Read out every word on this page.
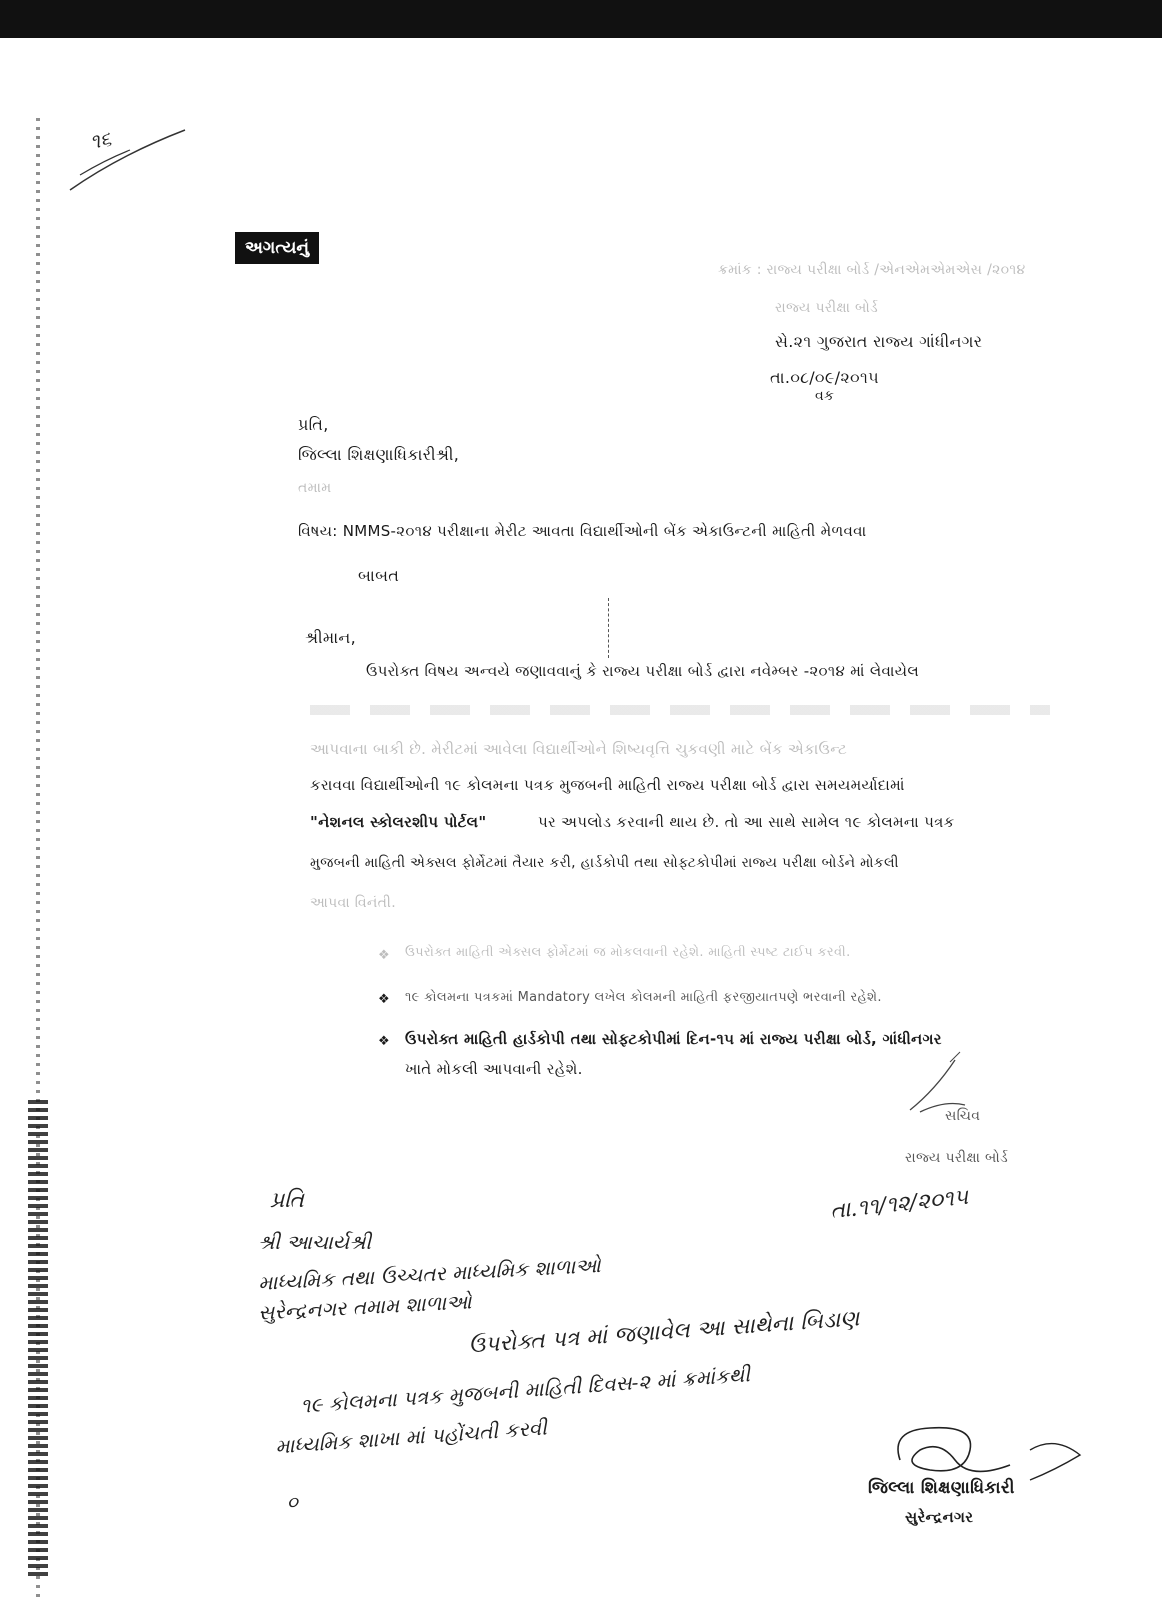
૧૬
અગત્યનું
ક્રમાંક : રાજ્ય પરીક્ષા બોર્ડ /એનએમએમએસ /૨૦૧૪
રાજ્ય પરીક્ષા બોર્ડ
સે.૨૧ ગુજરાત રાજ્ય ગાંધીનગર
તા.૦૮/૦૯/૨૦૧૫
વક
પ્રતિ,
જિલ્લા શિક્ષણાધિકારીશ્રી,
તમામ
વિષય: NMMS-૨૦૧૪ પરીક્ષાના મેરીટ આવતા વિદ્યાર્થીઓની બેંક એકાઉન્ટની માહિતી મેળવવા
બાબત
શ્રીમાન,
ઉપરોક્ત વિષય અન્વયે જણાવવાનું કે રાજ્ય પરીક્ષા બોર્ડ દ્વારા નવેમ્બર -૨૦૧૪ માં લેવાયેલ
આપવાના બાકી છે. મેરીટમાં આવેલા વિદ્યાર્થીઓને શિષ્યવૃત્તિ ચુકવણી માટે બેંક એકાઉન્ટ
કરાવવા વિદ્યાર્થીઓની ૧૯ કોલમના પત્રક મુજબની માહિતી રાજ્ય પરીક્ષા બોર્ડ દ્વારા સમયમર્યાદામાં
"નેશનલ સ્કોલરશીપ પોર્ટલ"	પર અપલોડ કરવાની થાય છે. તો આ સાથે સામેલ ૧૯ કોલમના પત્રક
મુજબની માહિતી એક્સલ ફોર્મેટમાં તૈયાર કરી, હાર્ડકોપી તથા સોફ્ટકોપીમાં રાજ્ય પરીક્ષા બોર્ડને મોકલી
આપવા વિનંતી.
❖ ઉપરોક્ત માહિતી એક્સલ ફોર્મેટમાં જ મોકલવાની રહેશે. માહિતી સ્પષ્ટ ટાઈપ કરવી.
❖ ૧૯ કોલમના પત્રકમાં Mandatory લખેલ કોલમની માહિતી ફરજીયાતપણે ભરવાની રહેશે.
❖ ઉપરોક્ત માહિતી હાર્ડકોપી તથા સોફ્ટકોપીમાં દિન-૧૫ માં રાજ્ય પરીક્ષા બોર્ડ, ગાંધીનગર
ખાતે મોકલી આપવાની રહેશે.
સચિવ
રાજ્ય પરીક્ષા બોર્ડ
પ્રતિ	તા.૧૧/૧૨/૨૦૧૫
શ્રી આચાર્યશ્રી
માધ્યમિક તથા ઉચ્ચતર માધ્યમિક શાળાઓ
સુરેન્દ્રનગર તમામ શાળાઓ
ઉપરોક્ત પત્ર માં જણાવેલ આ સાથેના બિડાણ
૧૯ કોલમના પત્રક મુજબની માહિતી દિવસ-૨ માં ક્રમાંકથી
માધ્યમિક શાખા માં પહોંચતી કરવી
૦
જિલ્લા શિક્ષણાધિકારી
સુરેન્દ્રનગર
